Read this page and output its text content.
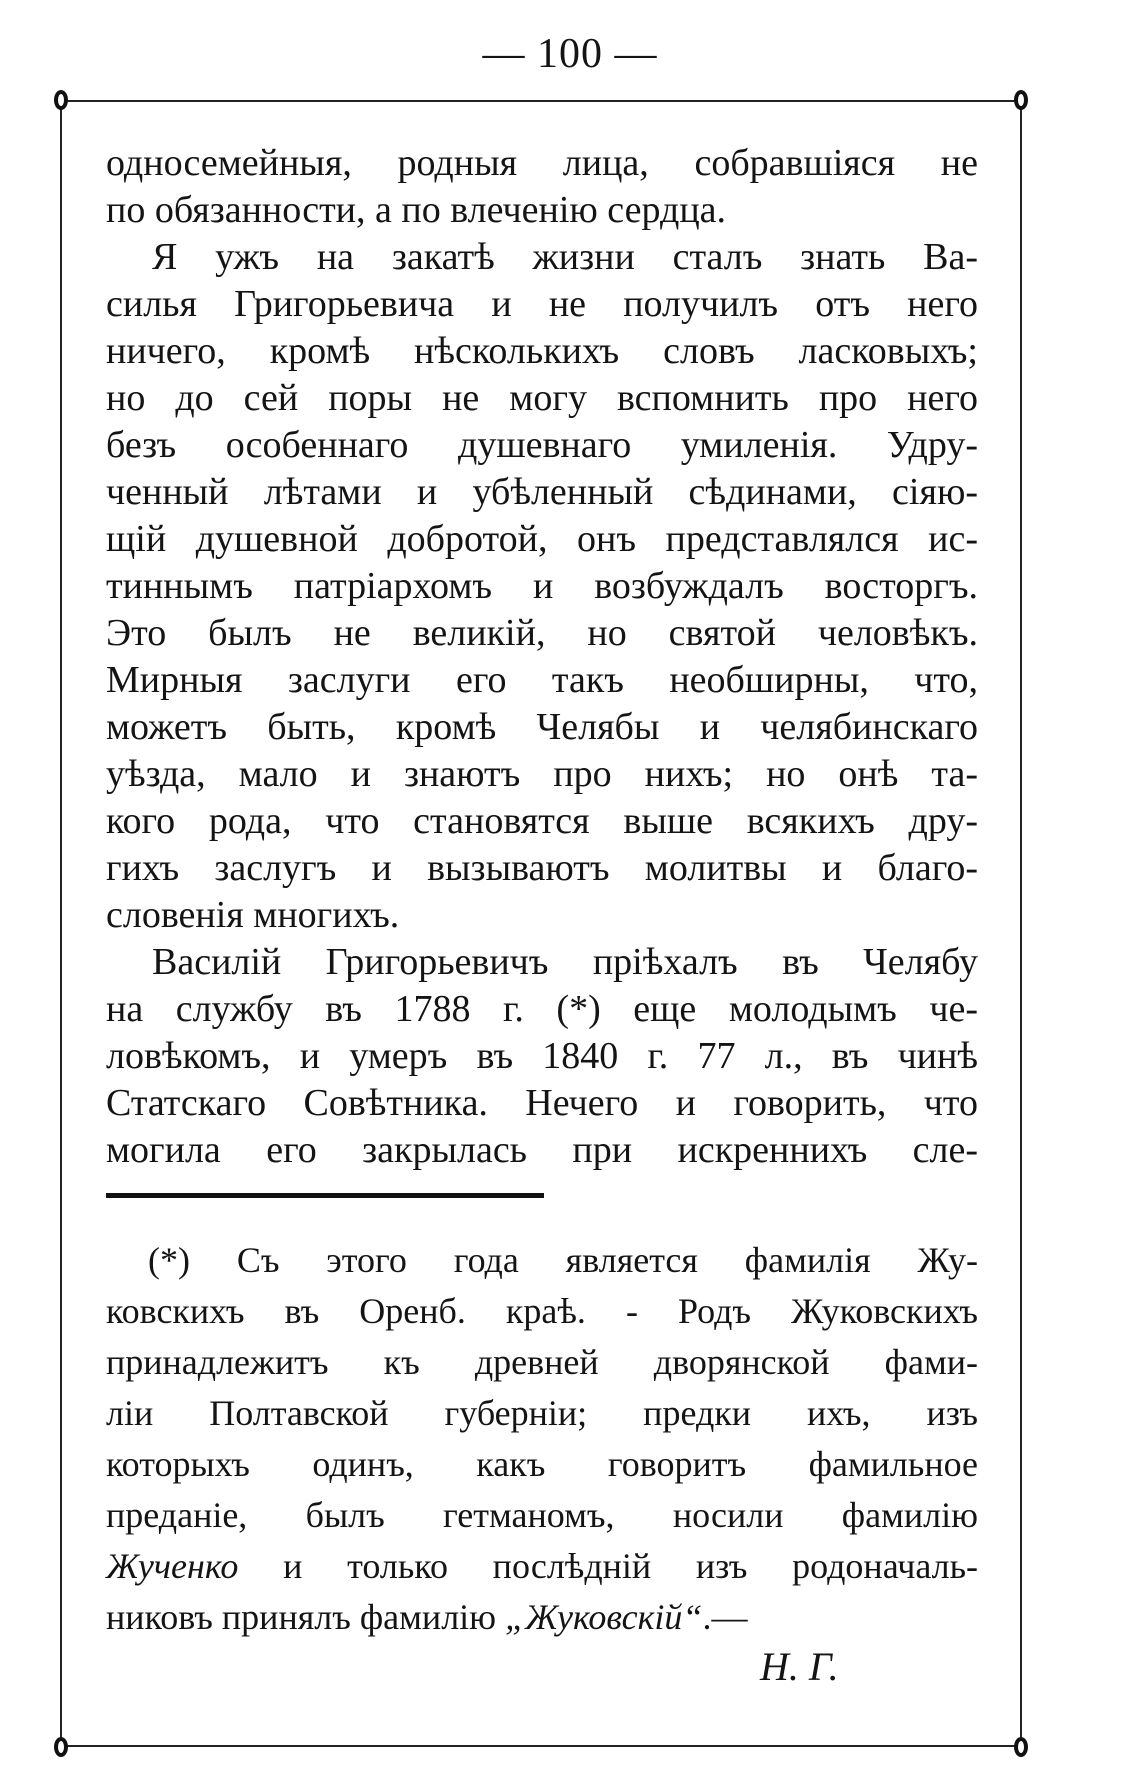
— 100 —
односемейныя, родныя лица, собравшіяся не
по обязанности, а по влеченію сердца.
Я ужъ на закатѣ жизни сталъ знать Ва-
силья Григорьевича и не получилъ отъ него
ничего, кромѣ нѣсколькихъ словъ ласковыхъ;
но до сей поры не могу вспомнить про него
безъ особеннаго душевнаго умиленія. Удру-
ченный лѣтами и убѣленный сѣдинами, сіяю-
щій душевной добротой, онъ представлялся ис-
тиннымъ патріархомъ и возбуждалъ восторгъ.
Это былъ не великій, но святой человѣкъ.
Мирныя заслуги его такъ необширны, что,
можетъ быть, кромѣ Челябы и челябинскаго
уѣзда, мало и знаютъ про нихъ; но онѣ та-
кого рода, что становятся выше всякихъ дру-
гихъ заслугъ и вызываютъ молитвы и благо-
словенія многихъ.
Василій Григорьевичъ пріѣхалъ въ Челябу
на службу въ 1788 г. (*) еще молодымъ че-
ловѣкомъ, и умеръ въ 1840 г. 77 л., въ чинѣ
Статскаго Совѣтника. Нечего и говорить, что
могила его закрылась при искреннихъ сле-
(*) Съ этого года является фамилія Жу-
ковскихъ въ Оренб. краѣ. - Родъ Жуковскихъ
принадлежитъ къ древней дворянской фами-
ліи Полтавской губерніи; предки ихъ, изъ
которыхъ одинъ, какъ говоритъ фамильное
преданіе, былъ гетманомъ, носили фамилію
Жученко и только послѣдній изъ родоначаль-
никовъ принялъ фамилію „Жуковскій“.—
Н. Г.
